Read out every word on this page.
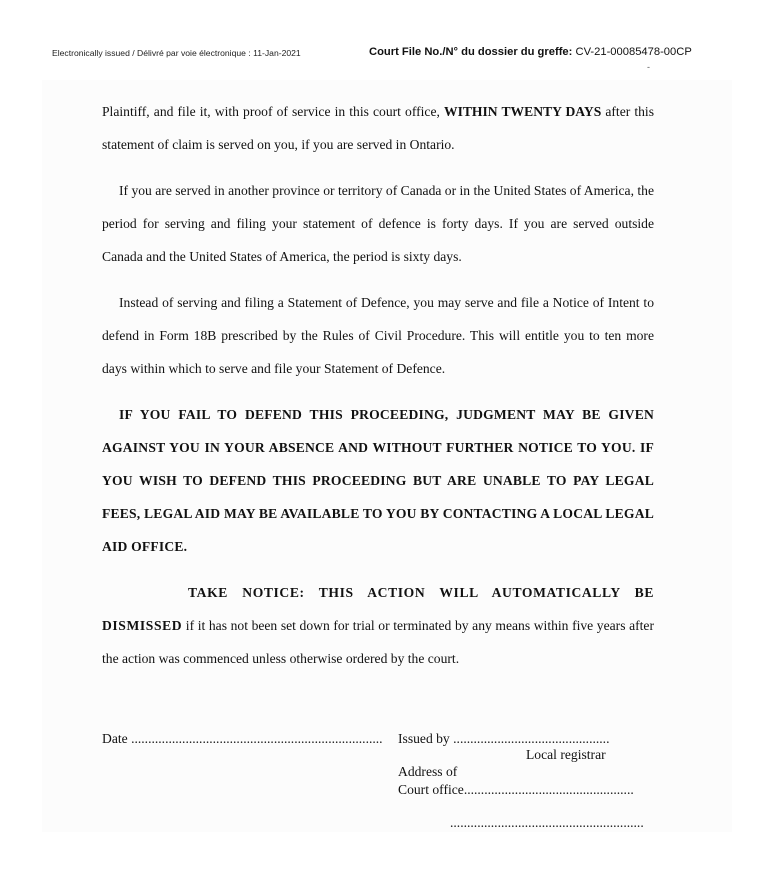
Electronically issued / Délivré par voie électronique : 11-Jan-2021	Court File No./N° du dossier du greffe: CV-21-00085478-00CP
-

Plaintiff, and file it, with proof of service in this court office, WITHIN TWENTY DAYS after this statement of claim is served on you, if you are served in Ontario.

If you are served in another province or territory of Canada or in the United States of America, the period for serving and filing your statement of defence is forty days. If you are served outside Canada and the United States of America, the period is sixty days.

Instead of serving and filing a Statement of Defence, you may serve and file a Notice of Intent to defend in Form 18B prescribed by the Rules of Civil Procedure. This will entitle you to ten more days within which to serve and file your Statement of Defence.

IF YOU FAIL TO DEFEND THIS PROCEEDING, JUDGMENT MAY BE GIVEN AGAINST YOU IN YOUR ABSENCE AND WITHOUT FURTHER NOTICE TO YOU. IF YOU WISH TO DEFEND THIS PROCEEDING BUT ARE UNABLE TO PAY LEGAL FEES, LEGAL AID MAY BE AVAILABLE TO YOU BY CONTACTING A LOCAL LEGAL AID OFFICE.

TAKE NOTICE: THIS ACTION WILL AUTOMATICALLY BE DISMISSED if it has not been set down for trial or terminated by any means within five years after the action was commenced unless otherwise ordered by the court.

Date .......................................................................... Issued by ..............................................
Local registrar
Address of
Court office..................................................
.........................................................
